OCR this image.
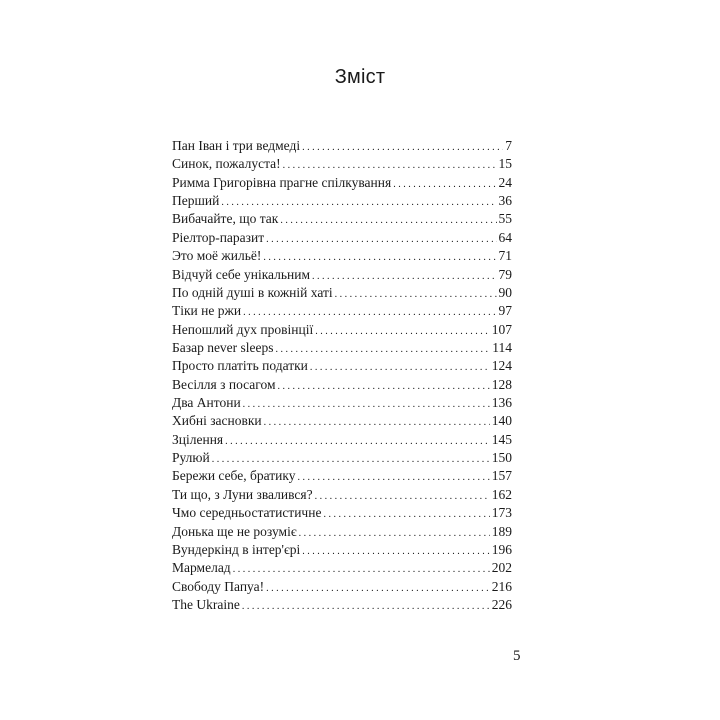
Зміст
Пан Іван і три ведмеді . . .	7
Синок, пожалуста! . . .	15
Римма Григорівна прагне спілкування . . .	24
Перший . . .	36
Вибачайте, що так . . .	55
Ріелтор-паразит . . .	64
Это моё жильё! . . .	71
Відчуй себе унікальним . . .	79
По одній душі в кожній хаті . . .	90
Тіки не ржи . . .	97
Непошлий дух провінції . . .	107
Базар never sleeps . . .	114
Просто платіть податки . . .	124
Весілля з посагом . . .	128
Два Антони . . .	136
Хибні засновки . . .	140
Зцілення . . .	145
Рулюй . . .	150
Бережи себе, братику . . .	157
Ти що, з Луни звалився? . . .	162
Чмо середньостатистичне . . .	173
Донька ще не розуміє . . .	189
Вундеркінд в інтер'єрі . . .	196
Мармелад . . .	202
Свободу Папуа! . . .	216
The Ukraine . . .	226
5
